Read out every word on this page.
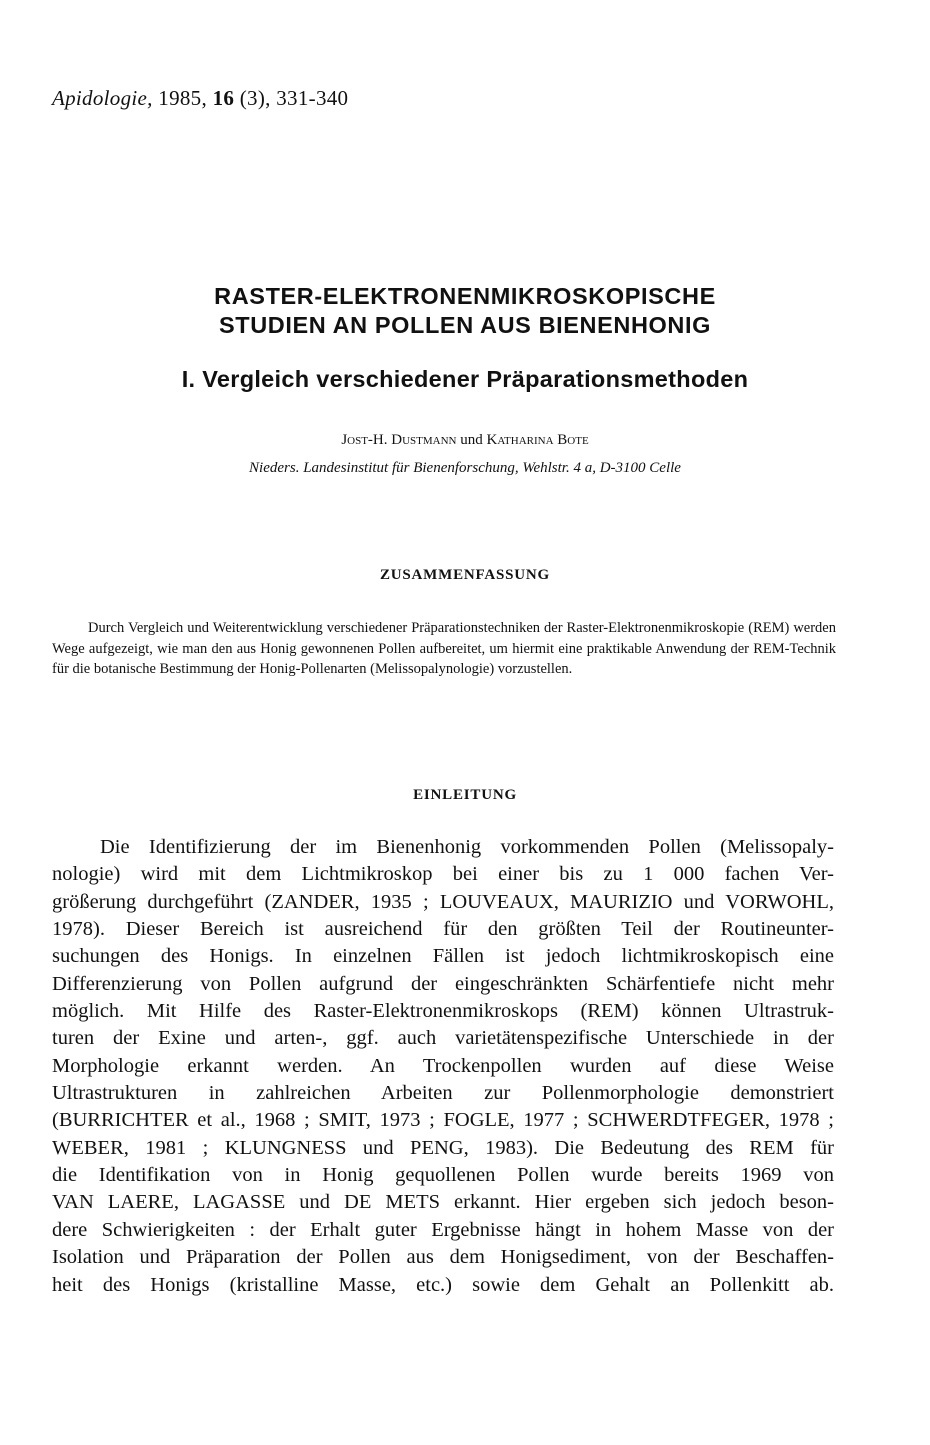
Apidologie, 1985, 16 (3), 331-340
RASTER-ELEKTRONENMIKROSKOPISCHE
STUDIEN AN POLLEN AUS BIENENHONIG
I. Vergleich verschiedener Präparationsmethoden
Jost-H. Dustmann und Katharina Bote
Nieders. Landesinstitut für Bienenforschung, Wehlstr. 4 a, D-3100 Celle
ZUSAMMENFASSUNG
Durch Vergleich und Weiterentwicklung verschiedener Präparationstechniken der Raster-Elektronenmikroskopie (REM) werden Wege aufgezeigt, wie man den aus Honig gewonnenen Pollen aufbereitet, um hiermit eine praktikable Anwendung der REM-Technik für die botanische Bestimmung der Honig-Pollenarten (Melissopalynologie) vorzustellen.
EINLEITUNG
Die Identifizierung der im Bienenhonig vorkommenden Pollen (Melissopaly-
nologie) wird mit dem Lichtmikroskop bei einer bis zu 1 000 fachen Ver-
größerung durchgeführt (ZANDER, 1935 ; LOUVEAUX, MAURIZIO und VORWOHL,
1978). Dieser Bereich ist ausreichend für den größten Teil der Routineunter-
suchungen des Honigs. In einzelnen Fällen ist jedoch lichtmikroskopisch eine
Differenzierung von Pollen aufgrund der eingeschränkten Schärfentiefe nicht mehr
möglich. Mit Hilfe des Raster-Elektronenmikroskops (REM) können Ultrastruk-
turen der Exine und arten-, ggf. auch varietätenspezifische Unterschiede in der
Morphologie erkannt werden. An Trockenpollen wurden auf diese Weise
Ultrastrukturen in zahlreichen Arbeiten zur Pollenmorphologie demonstriert
(BURRICHTER et al., 1968 ; SMIT, 1973 ; FOGLE, 1977 ; SCHWERDTFEGER, 1978 ;
WEBER, 1981 ; KLUNGNESS und PENG, 1983). Die Bedeutung des REM für
die Identifikation von in Honig gequollenen Pollen wurde bereits 1969 von
VAN LAERE, LAGASSE und DE METS erkannt. Hier ergeben sich jedoch beson-
dere Schwierigkeiten : der Erhalt guter Ergebnisse hängt in hohem Masse von der
Isolation und Präparation der Pollen aus dem Honigsediment, von der Beschaffen-
heit des Honigs (kristalline Masse, etc.) sowie dem Gehalt an Pollenkitt ab.
